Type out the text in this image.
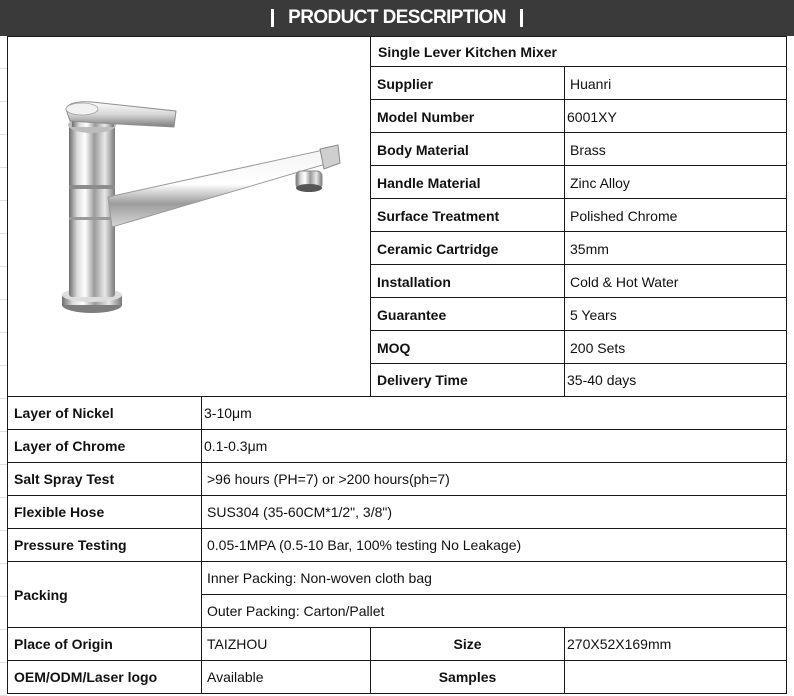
PRODUCT DESCRIPTION
Single Lever Kitchen Mixer
Supplier	Huanri
Model Number	6001XY
Body Material	Brass
Handle Material	Zinc Alloy
Surface Treatment	Polished Chrome
Ceramic Cartridge	35mm
Installation	Cold & Hot Water
Guarantee	5 Years
MOQ	200 Sets
Delivery Time	35-40 days
Layer of Nickel	3-10μm
Layer of Chrome	0.1-0.3μm
Salt Spray Test	>96 hours (PH=7) or >200 hours(ph=7)
Flexible Hose	SUS304 (35-60CM*1/2", 3/8")
Pressure Testing	0.05-1MPA (0.5-10 Bar, 100% testing No Leakage)
Packing
Inner Packing: Non-woven cloth bag
Outer Packing: Carton/Pallet
Place of Origin	TAIZHOU	Size	270X52X169mm
OEM/ODM/Laser logo	Available	Samples
